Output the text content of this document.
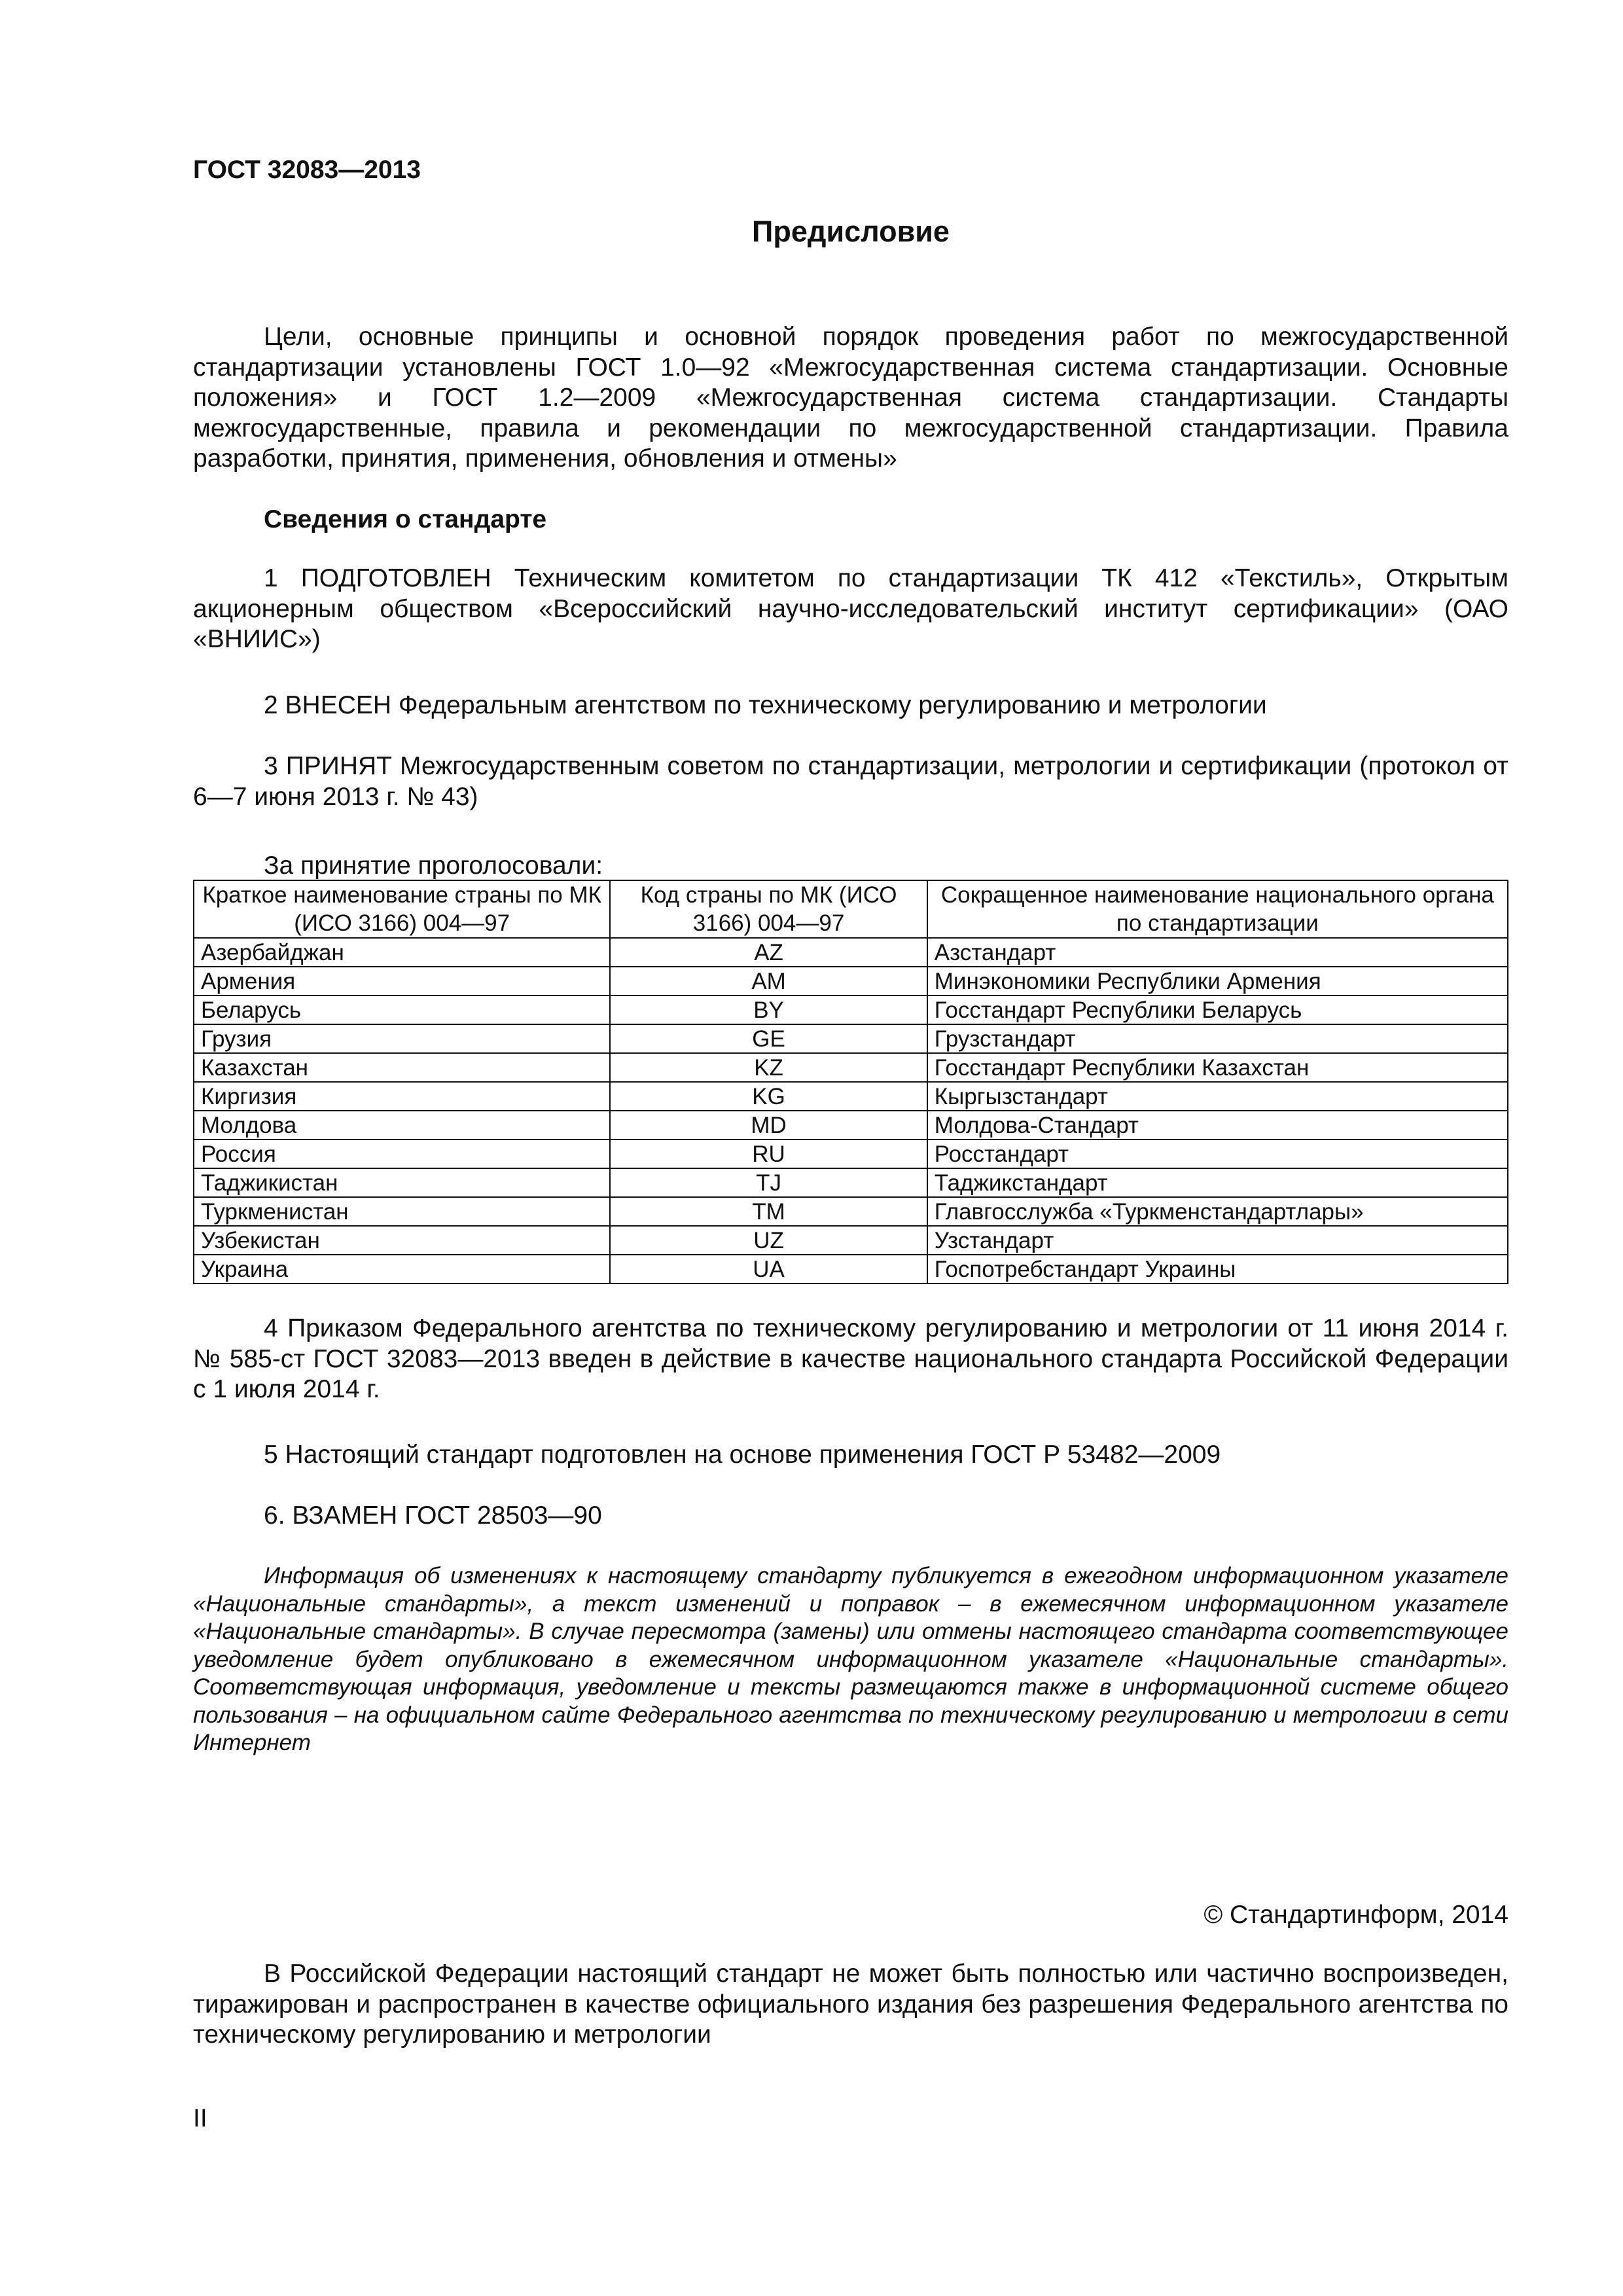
ГОСТ 32083—2013
Предисловие
Цели, основные принципы и основной порядок проведения работ по межгосударственной стандартизации установлены ГОСТ 1.0—92 «Межгосударственная система стандартизации. Основные положения» и ГОСТ 1.2—2009 «Межгосударственная система стандартизации. Стандарты межгосударственные, правила и рекомендации по межгосударственной стандартизации. Правила разработки, принятия, применения, обновления и отмены»
Сведения о стандарте
1 ПОДГОТОВЛЕН Техническим комитетом по стандартизации ТК 412 «Текстиль», Открытым акционерным обществом «Всероссийский научно-исследовательский институт сертификации» (ОАО «ВНИИС»)
2 ВНЕСЕН Федеральным агентством по техническому регулированию и метрологии
3 ПРИНЯТ Межгосударственным советом по стандартизации, метрологии и сертификации (протокол от 6—7 июня 2013 г. № 43)
За принятие проголосовали:
Краткое наименование страны по МК (ИСО 3166) 004—97	Код страны по МК (ИСО 3166) 004—97	Сокращенное наименование национального органа по стандартизации
Азербайджан	AZ	Азстандарт
Армения	AM	Минэкономики Республики Армения
Беларусь	BY	Госстандарт Республики Беларусь
Грузия	GE	Грузстандарт
Казахстан	KZ	Госстандарт Республики Казахстан
Киргизия	KG	Кыргызстандарт
Молдова	MD	Молдова-Стандарт
Россия	RU	Росстандарт
Таджикистан	TJ	Таджикстандарт
Туркменистан	TM	Главгосслужба «Туркменстандартлары»
Узбекистан	UZ	Узстандарт
Украина	UA	Госпотребстандарт Украины
4 Приказом Федерального агентства по техническому регулированию и метрологии от 11 июня 2014 г. № 585-ст ГОСТ 32083—2013 введен в действие в качестве национального стандарта Российской Федерации с 1 июля 2014 г.
5 Настоящий стандарт подготовлен на основе применения ГОСТ Р 53482—2009
6. ВЗАМЕН ГОСТ 28503—90
Информация об изменениях к настоящему стандарту публикуется в ежегодном информационном указателе «Национальные стандарты», а текст изменений и поправок – в ежемесячном информационном указателе «Национальные стандарты». В случае пересмотра (замены) или отмены настоящего стандарта соответствующее уведомление будет опубликовано в ежемесячном информационном указателе «Национальные стандарты». Соответствующая информация, уведомление и тексты размещаются также в информационной системе общего пользования – на официальном сайте Федерального агентства по техническому регулированию и метрологии в сети Интернет
© Стандартинформ, 2014
В Российской Федерации настоящий стандарт не может быть полностью или частично воспроизведен, тиражирован и распространен в качестве официального издания без разрешения Федерального агентства по техническому регулированию и метрологии
II
